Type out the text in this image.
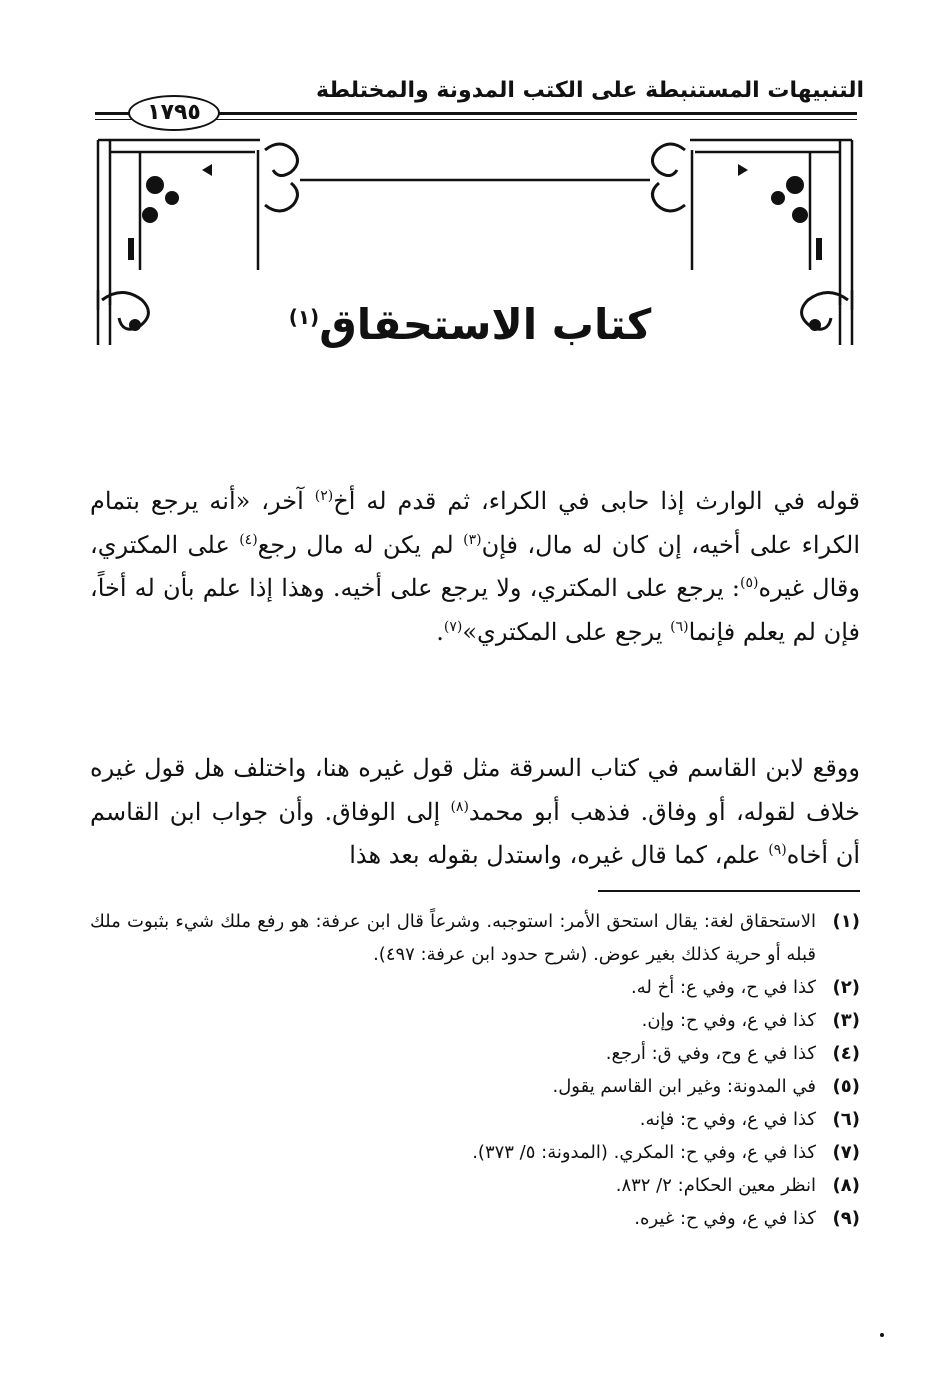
التنبيهات المستنبطة على الكتب المدونة والمختلطة
١٧٩٥
كتاب الاستحقاق$^{(١)}$
قوله في الوارث إذا حابى في الكراء، ثم قدم له أخ$^{(٢)}$ آخر، «أنه يرجع بتمام الكراء على أخيه، إن كان له مال، فإن$^{(٣)}$ لم يكن له مال رجع$^{(٤)}$ على المكتري، وقال غيره$^{(٥)}$: يرجع على المكتري، ولا يرجع على أخيه. وهذا إذا علم بأن له أخاً، فإن لم يعلم فإنما$^{(٦)}$ يرجع على المكتري»$^{(٧)}$.
ووقع لابن القاسم في كتاب السرقة مثل قول غيره هنا، واختلف هل قول غيره خلاف لقوله، أو وفاق. فذهب أبو محمد$^{(٨)}$ إلى الوفاق. وأن جواب ابن القاسم أن أخاه$^{(٩)}$ علم، كما قال غيره، واستدل بقوله بعد هذا
(١)
الاستحقاق لغة: يقال استحق الأمر: استوجبه. وشرعاً قال ابن عرفة: هو رفع ملك شيء بثبوت ملك قبله أو حرية كذلك بغير عوض. (شرح حدود ابن عرفة: ٤٩٧).
(٢)
كذا في ح، وفي ع: أخ له.
(٣)
كذا في ع، وفي ح: وإن.
(٤)
كذا في ع وح، وفي ق: أرجع.
(٥)
في المدونة: وغير ابن القاسم يقول.
(٦)
كذا في ع، وفي ح: فإنه.
(٧)
كذا في ع، وفي ح: المكري. (المدونة: ٥/ ٣٧٣).
(٨)
انظر معين الحكام: ٢/ ٨٣٢.
(٩)
كذا في ع، وفي ح: غيره.
